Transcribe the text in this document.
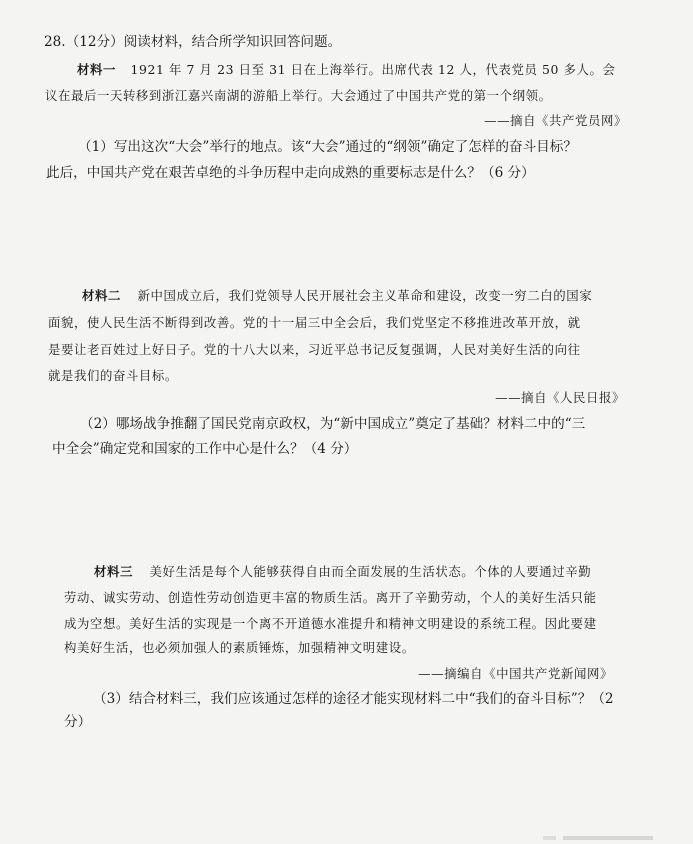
28.（12分）阅读材料，结合所学知识回答问题。
材料一 1921 年 7 月 23 日至 31 日在上海举行。出席代表 12 人，代表党员 50 多人。会
议在最后一天转移到浙江嘉兴南湖的游船上举行。大会通过了中国共产党的第一个纲领。
——摘自《共产党员网》
（1）写出这次“大会”举行的地点。该“大会”通过的“纲领”确定了怎样的奋斗目标？
此后，中国共产党在艰苦卓绝的斗争历程中走向成熟的重要标志是什么？（6 分）
材料二 新中国成立后，我们党领导人民开展社会主义革命和建设，改变一穷二白的国家
面貌，使人民生活不断得到改善。党的十一届三中全会后，我们党坚定不移推进改革开放，就
是要让老百姓过上好日子。党的十八大以来，习近平总书记反复强调，人民对美好生活的向往
就是我们的奋斗目标。
——摘自《人民日报》
（2）哪场战争推翻了国民党南京政权，为“新中国成立”奠定了基础？材料二中的“三
中全会”确定党和国家的工作中心是什么？（4 分）
材料三 美好生活是每个人能够获得自由而全面发展的生活状态。个体的人要通过辛勤
劳动、诚实劳动、创造性劳动创造更丰富的物质生活。离开了辛勤劳动，个人的美好生活只能
成为空想。美好生活的实现是一个离不开道德水准提升和精神文明建设的系统工程。因此要建
构美好生活，也必须加强人的素质锤炼，加强精神文明建设。
——摘编自《中国共产党新闻网》
（3）结合材料三，我们应该通过怎样的途径才能实现材料二中“我们的奋斗目标”？（2
分）
